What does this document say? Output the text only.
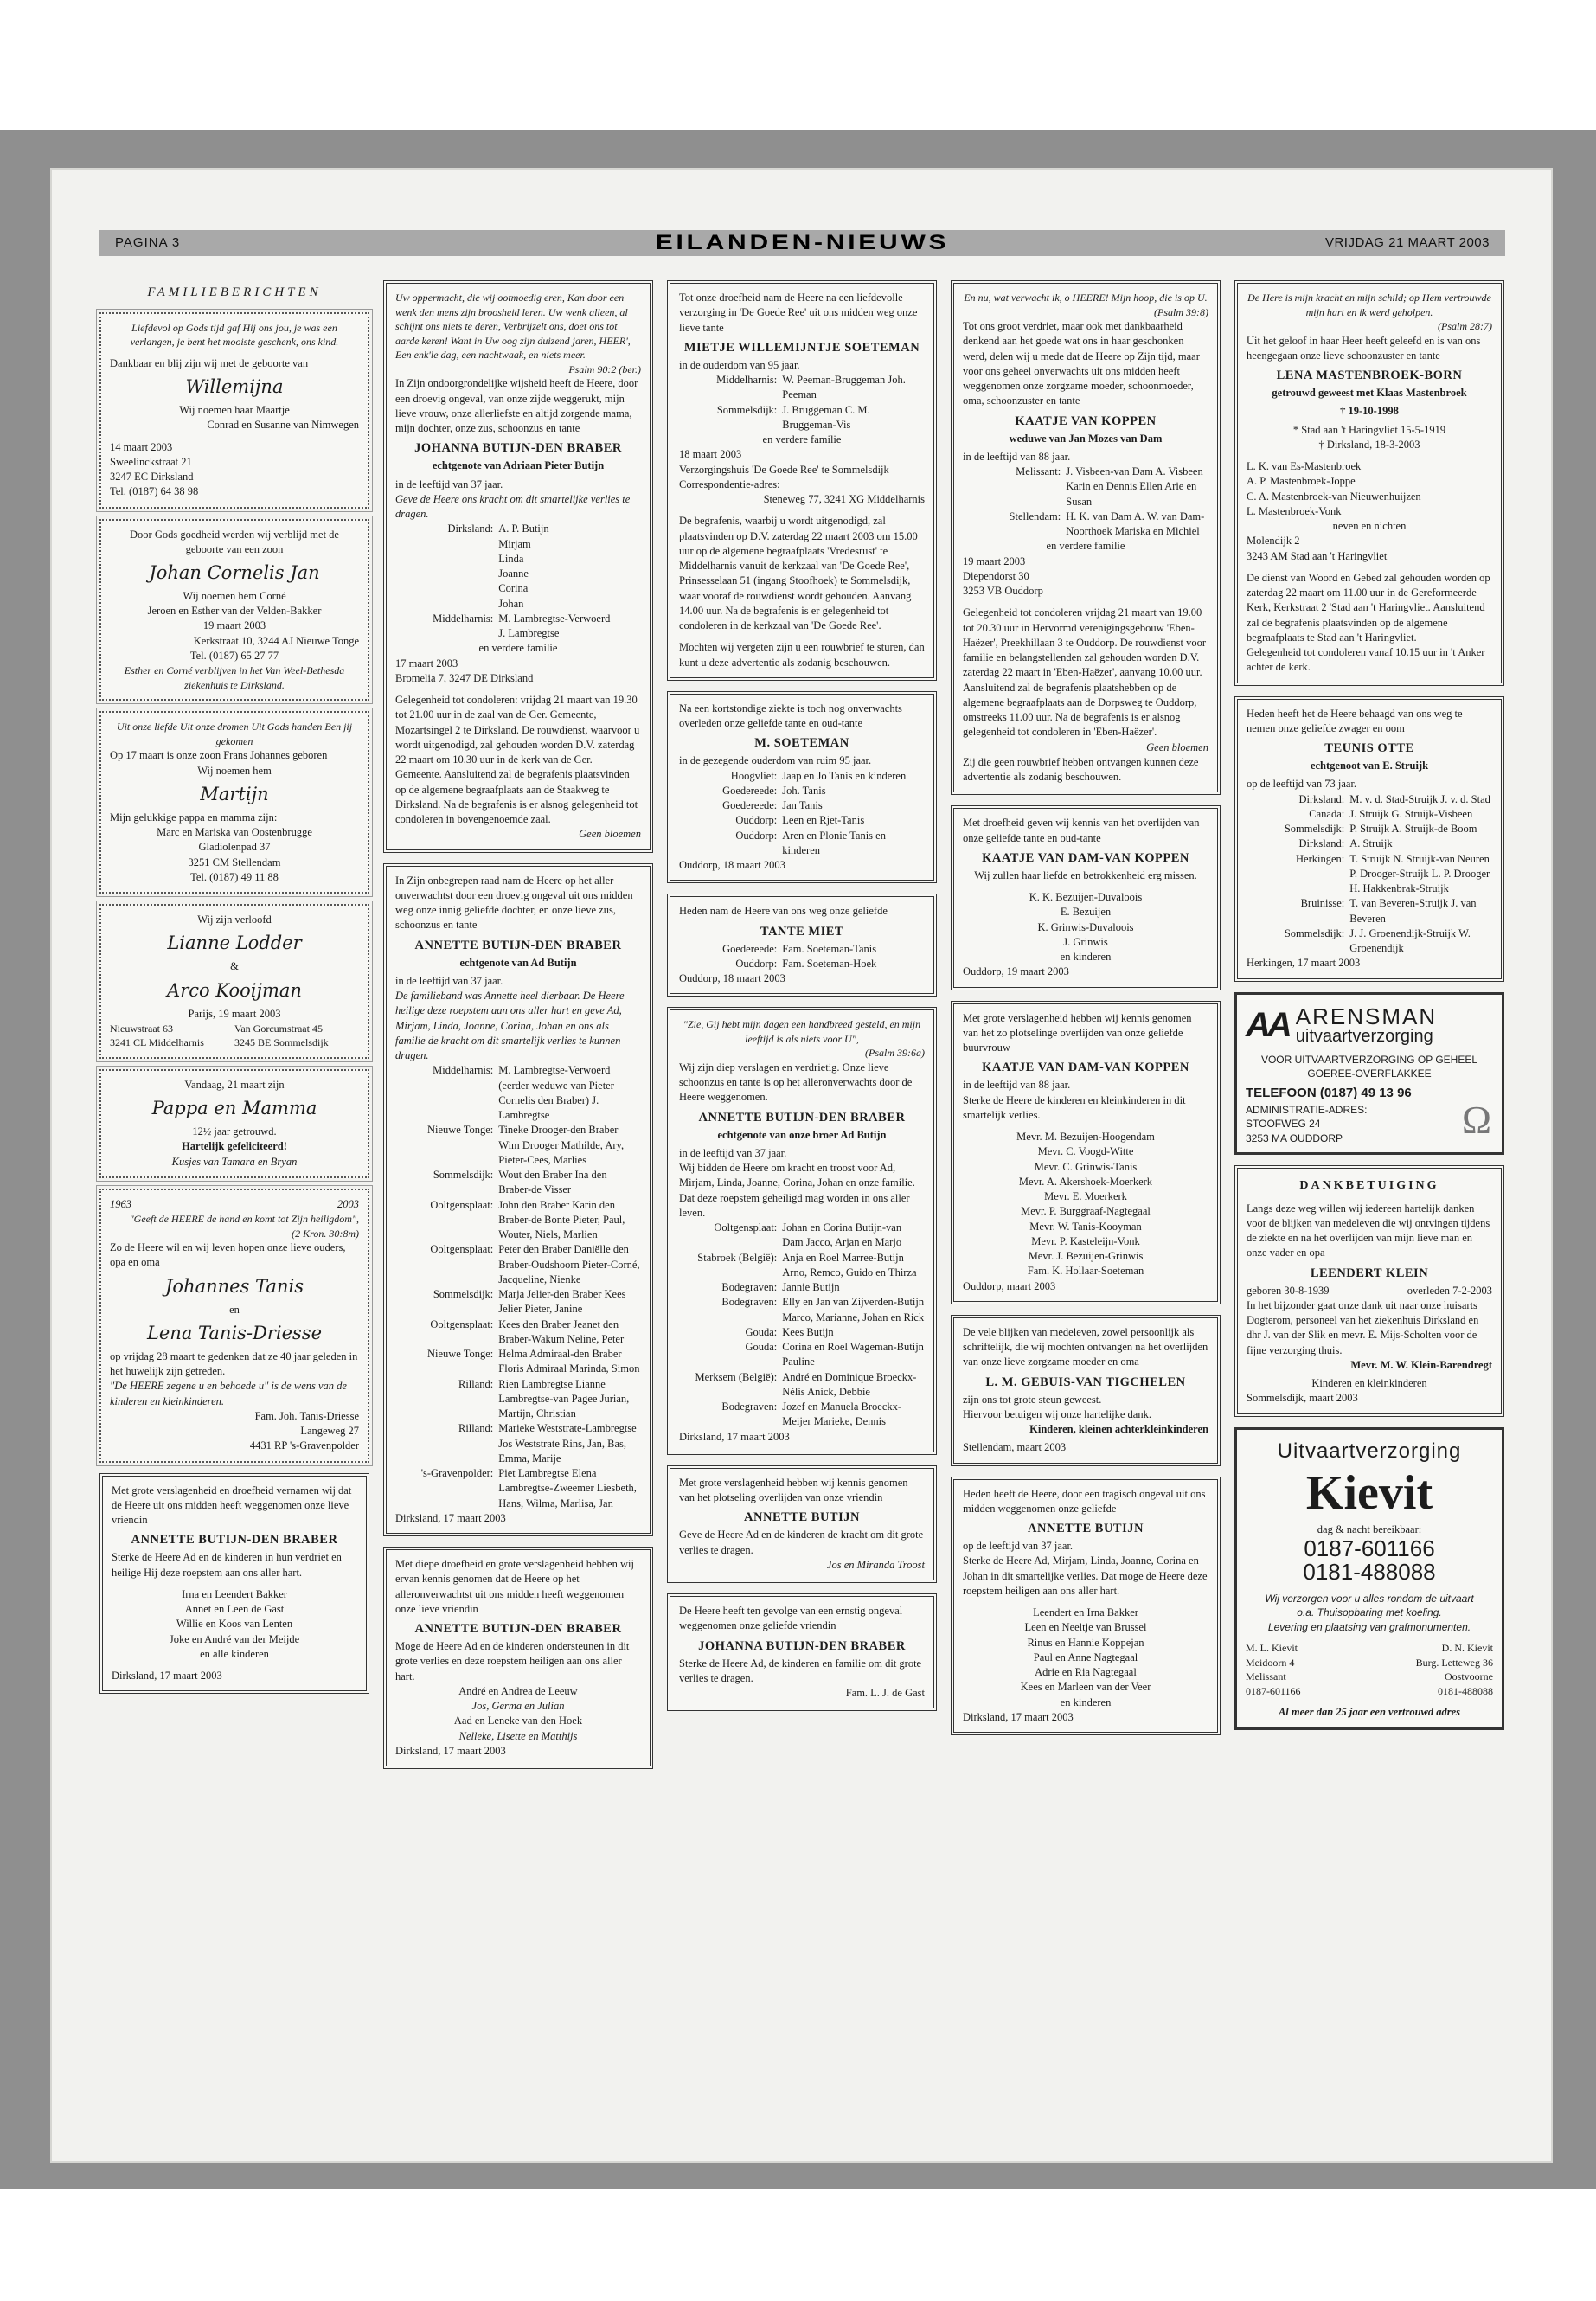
PAGINA 3	EILANDEN-NIEUWS	VRIJDAG 21 MAART 2003
FAMILIEBERICHTEN
Liefdevol op Gods tijd gaf Hij ons jou, je was een verlangen, je bent het mooiste geschenk, ons kind.
Dankbaar en blij zijn wij met de geboorte van
Willemijna
Wij noemen haar Maartje
Conrad en Susanne van Nimwegen
14 maart 2003
Sweelinckstraat 21
3247 EC Dirksland
Tel. (0187) 64 38 98
Door Gods goedheid werden wij verblijd met de geboorte van een zoon
Johan Cornelis Jan
Wij noemen hem Corné
Jeroen en Esther van der Velden-Bakker
19 maart 2003
Kerkstraat 10, 3244 AJ Nieuwe Tonge
Tel. (0187) 65 27 77
Esther en Corné verblijven in het Van Weel-Bethesda ziekenhuis te Dirksland.
Uit onze liefde Uit onze dromen Uit Gods handen Ben jij gekomen
Op 17 maart is onze zoon Frans Johannes geboren
Wij noemen hem
Martijn
Mijn gelukkige pappa en mamma zijn:
Marc en Mariska van Oostenbrugge
Gladiolenpad 37
3251 CM Stellendam
Tel. (0187) 49 11 88
Wij zijn verloofd
Lianne Lodder
&
Arco Kooijman
Parijs, 19 maart 2003
Nieuwstraat 63	Van Gorcumstraat 45
3241 CL Middelharnis	3245 BE Sommelsdijk
Vandaag, 21 maart zijn
Pappa en Mamma
12½ jaar getrouwd.
Hartelijk gefeliciteerd!
Kusjes van Tamara en Bryan
1963	2003
"Geeft de HEERE de hand en komt tot Zijn heiligdom",
(2 Kron. 30:8m)
Zo de Heere wil en wij leven hopen onze lieve ouders, opa en oma
Johannes Tanis
en
Lena Tanis-Driesse
op vrijdag 28 maart te gedenken dat ze 40 jaar geleden in het huwelijk zijn getreden.
"De HEERE zegene u en behoede u" is de wens van de kinderen en kleinkinderen.
Fam. Joh. Tanis-Driesse
Langeweg 27
4431 RP 's-Gravenpolder
Met grote verslagenheid en droefheid vernamen wij dat de Heere uit ons midden heeft weggenomen onze lieve vriendin
ANNETTE BUTIJN-DEN BRABER
Sterke de Heere Ad en de kinderen in hun verdriet en heilige Hij deze roepstem aan ons aller hart.
Irna en Leendert Bakker
Annet en Leen de Gast
Willie en Koos van Lenten
Joke en André van der Meijde
en alle kinderen
Dirksland, 17 maart 2003
Uw oppermacht, die wij ootmoedig eren, Kan door een wenk den mens zijn broosheid leren. Uw wenk alleen, al schijnt ons niets te deren, Verbrijzelt ons, doet ons tot aarde keren! Want in Uw oog zijn duizend jaren, HEER', Een enk'le dag, een nachtwaak, en niets meer.
Psalm 90:2 (ber.)
In Zijn ondoorgrondelijke wijsheid heeft de Heere, door een droevig ongeval, van onze zijde weggerukt, mijn lieve vrouw, onze allerliefste en altijd zorgende mama, mijn dochter, onze zus, schoonzus en tante
JOHANNA BUTIJN-DEN BRABER
echtgenote van Adriaan Pieter Butijn
in de leeftijd van 37 jaar.
Geve de Heere ons kracht om dit smartelijke verlies te dragen.
Dirksland: A. P. Butijn
Mirjam
Linda
Joanne
Corina
Johan
Middelharnis: M. Lambregtse-Verwoerd
J. Lambregtse
en verdere familie
17 maart 2003
Bromelia 7, 3247 DE Dirksland
Gelegenheid tot condoleren: vrijdag 21 maart van 19.30 tot 21.00 uur in de zaal van de Ger. Gemeente, Mozartsingel 2 te Dirksland. De rouwdienst, waarvoor u wordt uitgenodigd, zal gehouden worden D.V. zaterdag 22 maart om 10.30 uur in de kerk van de Ger. Gemeente. Aansluitend zal de begrafenis plaatsvinden op de algemene begraafplaats aan de Staakweg te Dirksland. Na de begrafenis is er alsnog gelegenheid tot condoleren in bovengenoemde zaal.
Geen bloemen
In Zijn onbegrepen raad nam de Heere op het aller onverwachtst door een droevig ongeval uit ons midden weg onze innig geliefde dochter, en onze lieve zus, schoonzus en tante
ANNETTE BUTIJN-DEN BRABER
echtgenote van Ad Butijn
in de leeftijd van 37 jaar.
De familieband was Annette heel dierbaar. De Heere heilige deze roepstem aan ons aller hart en geve Ad, Mirjam, Linda, Joanne, Corina, Johan en ons als familie de kracht om dit smartelijk verlies te kunnen dragen.
Middelharnis: M. Lambregtse-Verwoerd (eerder weduwe van Pieter Cornelis den Braber) J. Lambregtse
Nieuwe Tonge: Tineke Drooger-den Braber Wim Drooger Mathilde, Ary, Pieter-Cees, Marlies
Sommelsdijk: Wout den Braber Ina den Braber-de Visser
Ooltgensplaat: John den Braber Karin den Braber-de Bonte Pieter, Paul, Wouter, Niels, Marlien
Ooltgensplaat: Peter den Braber Daniëlle den Braber-Oudshoorn Pieter-Corné, Jacqueline, Nienke
Sommelsdijk: Marja Jelier-den Braber Kees Jelier Pieter, Janine
Ooltgensplaat: Kees den Braber Jeanet den Braber-Wakum Neline, Peter
Nieuwe Tonge: Helma Admiraal-den Braber Floris Admiraal Marinda, Simon
Rilland: Rien Lambregtse Lianne Lambregtse-van Pagee Jurian, Martijn, Christian
Rilland: Marieke Weststrate-Lambregtse Jos Weststrate Rins, Jan, Bas, Emma, Marije
's-Gravenpolder: Piet Lambregtse Elena Lambregtse-Zweemer Liesbeth, Hans, Wilma, Marlisa, Jan
Dirksland, 17 maart 2003
Met diepe droefheid en grote verslagenheid hebben wij ervan kennis genomen dat de Heere op het alleronverwachtst uit ons midden heeft weggenomen onze lieve vriendin
ANNETTE BUTIJN-DEN BRABER
Moge de Heere Ad en de kinderen ondersteunen in dit grote verlies en deze roepstem heiligen aan ons aller hart.
André en Andrea de Leeuw
Jos, Germa en Julian
Aad en Leneke van den Hoek
Nelleke, Lisette en Matthijs
Dirksland, 17 maart 2003
Tot onze droefheid nam de Heere na een liefdevolle verzorging in 'De Goede Ree' uit ons midden weg onze lieve tante
MIETJE WILLEMIJNTJE SOETEMAN
in de ouderdom van 95 jaar.
Middelharnis: W. Peeman-Bruggeman Joh. Peeman
Sommelsdijk: J. Bruggeman C. M. Bruggeman-Vis
en verdere familie
18 maart 2003
Verzorgingshuis 'De Goede Ree' te Sommelsdijk
Correspondentie-adres:
Steneweg 77, 3241 XG Middelharnis
De begrafenis, waarbij u wordt uitgenodigd, zal plaatsvinden op D.V. zaterdag 22 maart 2003 om 15.00 uur op de algemene begraafplaats 'Vredesrust' te Middelharnis vanuit de kerkzaal van 'De Goede Ree', Prinsesselaan 51 (ingang Stoofhoek) te Sommelsdijk, waar vooraf de rouwdienst wordt gehouden. Aanvang 14.00 uur. Na de begrafenis is er gelegenheid tot condoleren in de kerkzaal van 'De Goede Ree'.
Mochten wij vergeten zijn u een rouwbrief te sturen, dan kunt u deze advertentie als zodanig beschouwen.
Na een kortstondige ziekte is toch nog onverwachts overleden onze geliefde tante en oud-tante
M. SOETEMAN
in de gezegende ouderdom van ruim 95 jaar.
Hoogvliet: Jaap en Jo Tanis en kinderen
Goedereede: Joh. Tanis
Goedereede: Jan Tanis
Ouddorp: Leen en Rjet-Tanis
Ouddorp: Aren en Plonie Tanis en kinderen
Ouddorp, 18 maart 2003
Heden nam de Heere van ons weg onze geliefde
TANTE MIET
Goedereede: Fam. Soeteman-Tanis
Ouddorp: Fam. Soeteman-Hoek
Ouddorp, 18 maart 2003
"Zie, Gij hebt mijn dagen een handbreed gesteld, en mijn leeftijd is als niets voor U",
(Psalm 39:6a)
Wij zijn diep verslagen en verdrietig. Onze lieve schoonzus en tante is op het alleronverwachts door de Heere weggenomen.
ANNETTE BUTIJN-DEN BRABER
echtgenote van onze broer Ad Butijn
in de leeftijd van 37 jaar.
Wij bidden de Heere om kracht en troost voor Ad, Mirjam, Linda, Joanne, Corina, Johan en onze familie. Dat deze roepstem geheiligd mag worden in ons aller leven.
Ooltgensplaat: Johan en Corina Butijn-van Dam Jacco, Arjan en Marjo
Stabroek (België): Anja en Roel Marree-Butijn Arno, Remco, Guido en Thirza
Bodegraven: Jannie Butijn
Bodegraven: Elly en Jan van Zijverden-Butijn Marco, Marianne, Johan en Rick
Gouda: Kees Butijn
Gouda: Corina en Roel Wageman-Butijn Pauline
Merksem (België): André en Dominique Broeckx-Nélis Anick, Debbie
Bodegraven: Jozef en Manuela Broeckx-Meijer Marieke, Dennis
Dirksland, 17 maart 2003
Met grote verslagenheid hebben wij kennis genomen van het plotseling overlijden van onze vriendin
ANNETTE BUTIJN
Geve de Heere Ad en de kinderen de kracht om dit grote verlies te dragen.
Jos en Miranda Troost
De Heere heeft ten gevolge van een ernstig ongeval weggenomen onze geliefde vriendin
JOHANNA BUTIJN-DEN BRABER
Sterke de Heere Ad, de kinderen en familie om dit grote verlies te dragen.
Fam. L. J. de Gast
En nu, wat verwacht ik, o HEERE! Mijn hoop, die is op U.
(Psalm 39:8)
Tot ons groot verdriet, maar ook met dankbaarheid denkend aan het goede wat ons in haar geschonken werd, delen wij u mede dat de Heere op Zijn tijd, maar voor ons geheel onverwachts uit ons midden heeft weggenomen onze zorgzame moeder, schoonmoeder, oma, schoonzuster en tante
KAATJE VAN KOPPEN
weduwe van Jan Mozes van Dam
in de leeftijd van 88 jaar.
Melissant: J. Visbeen-van Dam A. Visbeen Karin en Dennis Ellen Arie en Susan
Stellendam: H. K. van Dam A. W. van Dam-Noorthoek Mariska en Michiel
en verdere familie
19 maart 2003
Diependorst 30
3253 VB Ouddorp
Gelegenheid tot condoleren vrijdag 21 maart van 19.00 tot 20.30 uur in Hervormd verenigingsgebouw 'Eben-Haëzer', Preekhillaan 3 te Ouddorp. De rouwdienst voor familie en belangstellenden zal gehouden worden D.V. zaterdag 22 maart in 'Eben-Haëzer', aanvang 10.00 uur. Aansluitend zal de begrafenis plaatshebben op de algemene begraafplaats aan de Dorpsweg te Ouddorp, omstreeks 11.00 uur. Na de begrafenis is er alsnog gelegenheid tot condoleren in 'Eben-Haëzer'.
Geen bloemen
Zij die geen rouwbrief hebben ontvangen kunnen deze advertentie als zodanig beschouwen.
Met droefheid geven wij kennis van het overlijden van onze geliefde tante en oud-tante
KAATJE VAN DAM-VAN KOPPEN
Wij zullen haar liefde en betrokkenheid erg missen.
K. K. Bezuijen-Duvaloois
E. Bezuijen
K. Grinwis-Duvaloois
J. Grinwis
en kinderen
Ouddorp, 19 maart 2003
Met grote verslagenheid hebben wij kennis genomen van het zo plotselinge overlijden van onze geliefde buurvrouw
KAATJE VAN DAM-VAN KOPPEN
in de leeftijd van 88 jaar.
Sterke de Heere de kinderen en kleinkinderen in dit smartelijk verlies.
Mevr. M. Bezuijen-Hoogendam
Mevr. C. Voogd-Witte
Mevr. C. Grinwis-Tanis
Mevr. A. Akershoek-Moerkerk
Mevr. E. Moerkerk
Mevr. P. Burggraaf-Nagtegaal
Mevr. W. Tanis-Kooyman
Mevr. P. Kasteleijn-Vonk
Mevr. J. Bezuijen-Grinwis
Fam. K. Hollaar-Soeteman
Ouddorp, maart 2003
De vele blijken van medeleven, zowel persoonlijk als schriftelijk, die wij mochten ontvangen na het overlijden van onze lieve zorgzame moeder en oma
L. M. GEBUIS-VAN TIGCHELEN
zijn ons tot grote steun geweest.
Hiervoor betuigen wij onze hartelijke dank.
Kinderen, kleinen achterkleinkinderen
Stellendam, maart 2003
Heden heeft de Heere, door een tragisch ongeval uit ons midden weggenomen onze geliefde
ANNETTE BUTIJN
op de leeftijd van 37 jaar.
Sterke de Heere Ad, Mirjam, Linda, Joanne, Corina en Johan in dit smartelijke verlies. Dat moge de Heere deze roepstem heiligen aan ons aller hart.
Leendert en Irna Bakker
Leen en Neeltje van Brussel
Rinus en Hannie Koppejan
Paul en Anne Nagtegaal
Adrie en Ria Nagtegaal
Kees en Marleen van der Veer
en kinderen
Dirksland, 17 maart 2003
De Here is mijn kracht en mijn schild; op Hem vertrouwde mijn hart en ik werd geholpen.
(Psalm 28:7)
Uit het geloof in haar Heer heeft geleefd en is van ons heengegaan onze lieve schoonzuster en tante
LENA MASTENBROEK-BORN
getrouwd geweest met Klaas Mastenbroek
† 19-10-1998
* Stad aan 't Haringvliet 15-5-1919
† Dirksland, 18-3-2003
L. K. van Es-Mastenbroek
A. P. Mastenbroek-Joppe
C. A. Mastenbroek-van Nieuwenhuijzen
L. Mastenbroek-Vonk
neven en nichten
Molendijk 2
3243 AM Stad aan 't Haringvliet
De dienst van Woord en Gebed zal gehouden worden op zaterdag 22 maart om 11.00 uur in de Gereformeerde Kerk, Kerkstraat 2 'Stad aan 't Haringvliet. Aansluitend zal de begrafenis plaatsvinden op de algemene begraafplaats te Stad aan 't Haringvliet.
Gelegenheid tot condoleren vanaf 10.15 uur in 't Anker achter de kerk.
Heden heeft het de Heere behaagd van ons weg te nemen onze geliefde zwager en oom
TEUNIS OTTE
echtgenoot van E. Struijk
op de leeftijd van 73 jaar.
Dirksland: M. v. d. Stad-Struijk J. v. d. Stad
Canada: J. Struijk G. Struijk-Visbeen
Sommelsdijk: P. Struijk A. Struijk-de Boom
Dirksland: A. Struijk
Herkingen: T. Struijk N. Struijk-van Neuren
P. Drooger-Struijk L. P. Drooger
H. Hakkenbrak-Struijk
Bruinisse: T. van Beveren-Struijk J. van Beveren
Sommelsdijk: J. J. Groenendijk-Struijk W. Groenendijk
Herkingen, 17 maart 2003
AA ARENSMAN
uitvaartverzorging
VOOR UITVAARTVERZORGING OP GEHEEL GOEREE-OVERFLAKKEE
TELEFOON (0187) 49 13 96
ADMINISTRATIE-ADRES:
STOOFWEG 24
3253 MA OUDDORP	Ω
DANKBETUIGING
Langs deze weg willen wij iedereen hartelijk danken voor de blijken van medeleven die wij ontvingen tijdens de ziekte en na het overlijden van mijn lieve man en onze vader en opa
LEENDERT KLEIN
geboren 30-8-1939	overleden 7-2-2003
In het bijzonder gaat onze dank uit naar onze huisarts Dogterom, personeel van het ziekenhuis Dirksland en dhr J. van der Slik en mevr. E. Mijs-Scholten voor de fijne verzorging thuis.
Mevr. M. W. Klein-Barendregt
Kinderen en kleinkinderen
Sommelsdijk, maart 2003
Uitvaartverzorging
Kievit
dag & nacht bereikbaar:
0187-601166
0181-488088
Wij verzorgen voor u alles rondom de uitvaart
o.a. Thuisopbaring met koeling.
Levering en plaatsing van grafmonumenten.
M. L. Kievit	D. N. Kievit
Meidoorn 4	Burg. Letteweg 36
Melissant	Oostvoorne
0187-601166	0181-488088
Al meer dan 25 jaar een vertrouwd adres
